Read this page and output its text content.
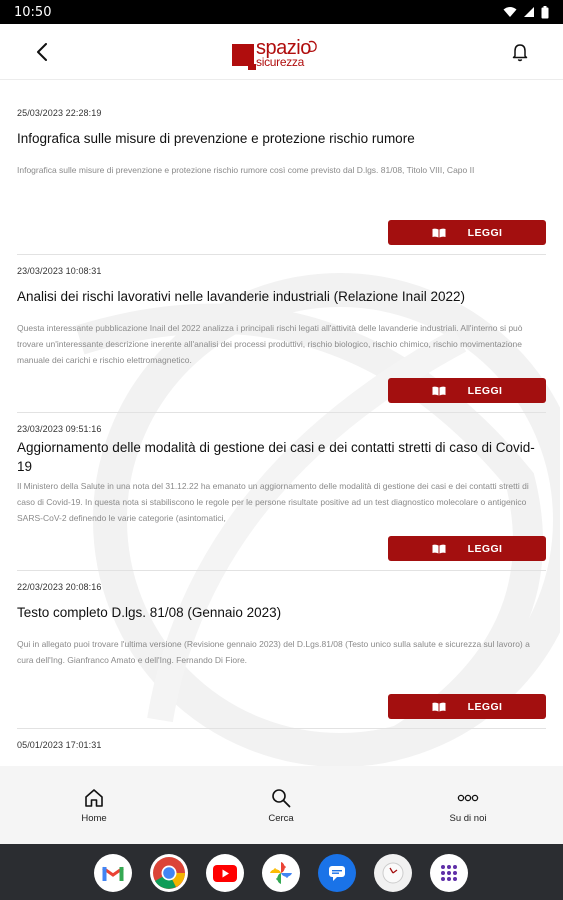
10:50
spazio
sicurezza
25/03/2023 22:28:19
Infografica sulle misure di prevenzione e protezione rischio rumore
Infografica sulle misure di prevenzione e protezione rischio rumore così come previsto dal D.lgs. 81/08, Titolo VIII, Capo II
LEGGI
23/03/2023 10:08:31
Analisi dei rischi lavorativi nelle lavanderie industriali (Relazione Inail 2022)
Questa interessante pubblicazione Inail del 2022 analizza i principali rischi legati all'attività delle lavanderie industriali. All'interno si può trovare un'interessante descrizione inerente all'analisi dei processi produttivi, rischio biologico, rischio chimico, rischio movimentazione manuale dei carichi e rischio elettromagnetico.
LEGGI
23/03/2023 09:51:16
Aggiornamento delle modalità di gestione dei casi e dei contatti stretti di caso di Covid-19
Il Ministero della Salute in una nota del 31.12.22 ha emanato un aggiornamento delle modalità di gestione dei casi e dei contatti stretti di caso di Covid-19. In questa nota si stabiliscono le regole per le persone risultate positive ad un test diagnostico molecolare o antigenico SARS-CoV-2 definendo le varie categorie (asintomatici,
LEGGI
22/03/2023 20:08:16
Testo completo D.lgs. 81/08 (Gennaio 2023)
Qui in allegato puoi trovare l'ultima versione (Revisione gennaio 2023) del D.Lgs.81/08 (Testo unico sulla salute e sicurezza sul lavoro) a cura dell'Ing. Gianfranco Amato e dell'Ing. Fernando Di Fiore.
LEGGI
05/01/2023 17:01:31
Home	Cerca	Su di noi
